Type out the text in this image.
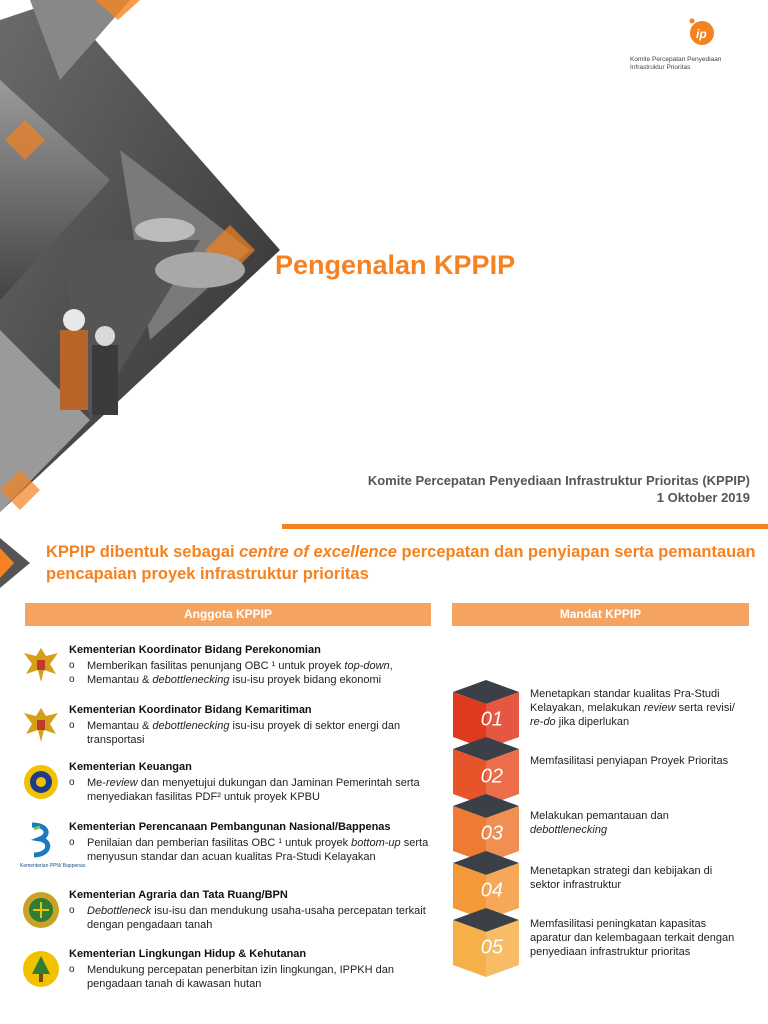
ip
Komite Percepatan Penyediaan Infrastruktur Prioritas
Pengenalan KPPIP
Komite Percepatan Penyediaan Infrastruktur Prioritas (KPPIP)
1 Oktober 2019
KPPIP dibentuk sebagai centre of excellence percepatan dan penyiapan serta pemantauan pencapaian proyek infrastruktur prioritas
Anggota KPPIP	Mandat KPPIP
Kementerian Koordinator Bidang Perekonomian
o Memberikan fasilitas penunjang OBC ¹ untuk proyek top-down,
o Memantau & debottlenecking isu-isu proyek bidang ekonomi
Kementerian Koordinator Bidang Kemaritiman
o Memantau & debottlenecking isu-isu proyek di sektor energi dan transportasi
Kementerian Keuangan
o Me-review dan menyetujui dukungan dan Jaminan Pemerintah serta menyediakan fasilitas PDF² untuk proyek KPBU
Kementerian PPN/ Bappenas
Kementerian Perencanaan Pembangunan Nasional/Bappenas
o Penilaian dan pemberian fasilitas OBC ¹ untuk proyek bottom-up serta menyusun standar dan acuan kualitas Pra-Studi Kelayakan
Kementerian Agraria dan Tata Ruang/BPN
o Debottleneck isu-isu dan mendukung usaha-usaha percepatan terkait dengan pengadaan tanah
Kementerian Lingkungan Hidup & Kehutanan
o Mendukung percepatan penerbitan izin lingkungan, IPPKH dan pengadaan tanah di kawasan hutan
01
02
03
04
05
Menetapkan standar kualitas Pra-Studi Kelayakan, melakukan review serta revisi/ re-do jika diperlukan
Memfasilitasi penyiapan Proyek Prioritas
Melakukan pemantauan dan debottlenecking
Menetapkan strategi dan kebijakan di sektor infrastruktur
Memfasilitasi peningkatan kapasitas aparatur dan kelembagaan terkait dengan penyediaan infrastruktur prioritas
